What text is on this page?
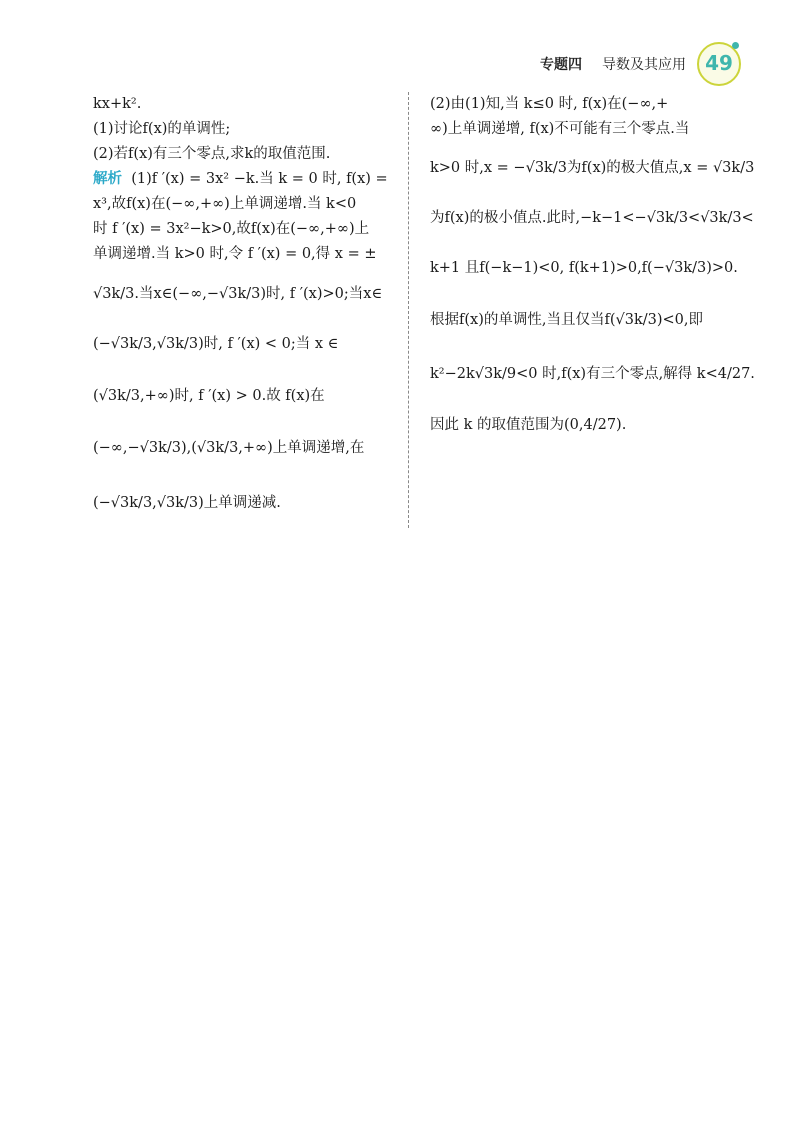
专题四 导数及其应用 49
kx+k².
(1)讨论f(x)的单调性;
(2)若f(x)有三个零点,求k的取值范围.
解析 (1)f ′(x) = 3x² −k.当 k = 0 时, f(x) =
x³,故f(x)在(−∞,+∞)上单调递增.当 k<0
时 f ′(x) = 3x²−k>0,故f(x)在(−∞,+∞)上
单调递增.当 k>0 时,令 f ′(x) = 0,得 x = ±
√3k/3.当x∈(−∞,−√3k/3)时, f ′(x)>0;当x∈
(−√3k/3,√3k/3)时, f ′(x) < 0;当 x ∈
(√3k/3,+∞)时, f ′(x) > 0.故 f(x)在
(−∞,−√3k/3),(√3k/3,+∞)上单调递增,在
(−√3k/3,√3k/3)上单调递减.
(2)由(1)知,当 k≤0 时, f(x)在(−∞,+
∞)上单调递增, f(x)不可能有三个零点.当
k>0 时,x = −√3k/3为f(x)的极大值点,x = √3k/3
为f(x)的极小值点.此时,−k−1<−√3k/3<√3k/3<
k+1 且f(−k−1)<0, f(k+1)>0,f(−√3k/3)>0.
根据f(x)的单调性,当且仅当f(√3k/3)<0,即
k²−2k√3k/9<0 时,f(x)有三个零点,解得 k<4/27.
因此 k 的取值范围为(0,4/27).
